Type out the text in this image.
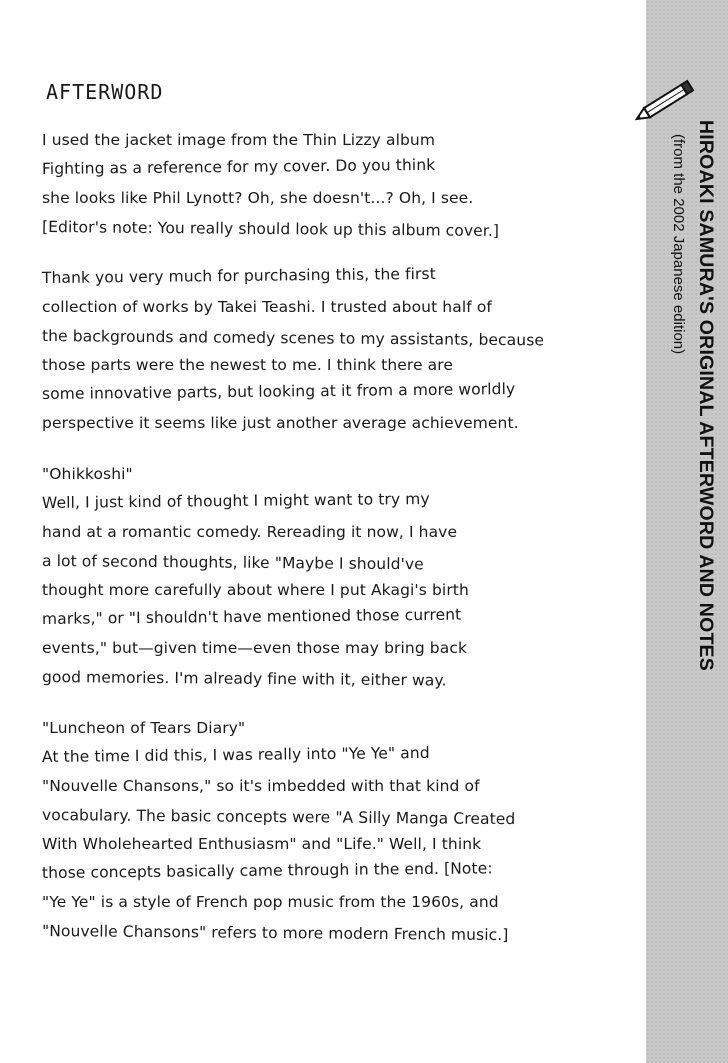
HIROAKI SAMURA'S ORIGINAL AFTERWORD AND NOTES
(from the 2002 Japanese edition)
AFTERWORD
I used the jacket image from the Thin Lizzy album
Fighting as a reference for my cover. Do you think
she looks like Phil Lynott? Oh, she doesn't...? Oh, I see.
[Editor's note: You really should look up this album cover.]
Thank you very much for purchasing this, the first
collection of works by Takei Teashi. I trusted about half of
the backgrounds and comedy scenes to my assistants, because
those parts were the newest to me. I think there are
some innovative parts, but looking at it from a more worldly
perspective it seems like just another average achievement.
"Ohikkoshi"
Well, I just kind of thought I might want to try my
hand at a romantic comedy. Rereading it now, I have
a lot of second thoughts, like "Maybe I should've
thought more carefully about where I put Akagi's birth
marks," or "I shouldn't have mentioned those current
events," but—given time—even those may bring back
good memories. I'm already fine with it, either way.
"Luncheon of Tears Diary"
At the time I did this, I was really into "Ye Ye" and
"Nouvelle Chansons," so it's imbedded with that kind of
vocabulary. The basic concepts were "A Silly Manga Created
With Wholehearted Enthusiasm" and "Life." Well, I think
those concepts basically came through in the end. [Note:
"Ye Ye" is a style of French pop music from the 1960s, and
"Nouvelle Chansons" refers to more modern French music.]
